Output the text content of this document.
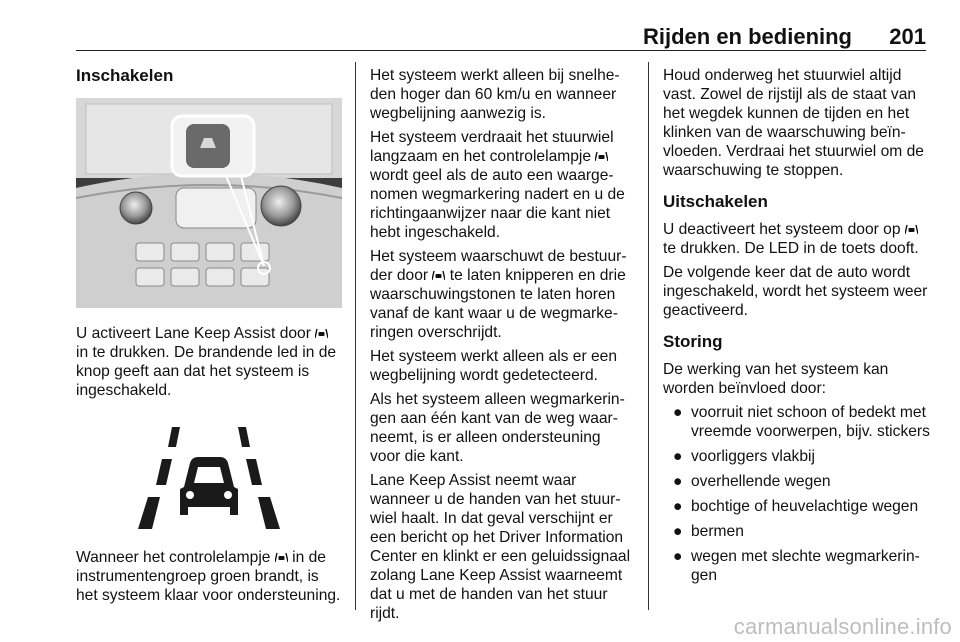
Rijden en bediening 201
Inschakelen

U activeert Lane Keep Assist door  in te drukken. De brandende led in de knop geeft aan dat het systeem is ingeschakeld.

Wanneer het controlelampje  in de instrumentengroep groen brandt, is het systeem klaar voor ondersteuning.

Het systeem werkt alleen bij snelheden hoger dan 60 km/u en wanneer wegbelijning aanwezig is.

Het systeem verdraait het stuurwiel langzaam en het controlelampje  wordt geel als de auto een waargenomen wegmarkering nadert en u de richtingaanwijzer naar die kant niet hebt ingeschakeld.

Het systeem waarschuwt de bestuurder door  te laten knipperen en drie waarschuwingstonen te laten horen vanaf de kant waar u de wegmarkeringen overschrijdt.

Het systeem werkt alleen als er een wegbelijning wordt gedetecteerd.

Als het systeem alleen wegmarkeringen aan één kant van de weg waarneemt, is er alleen ondersteuning voor die kant.

Lane Keep Assist neemt waar wanneer u de handen van het stuurwiel haalt. In dat geval verschijnt er een bericht op het Driver Information Center en klinkt er een geluidssignaal zolang Lane Keep Assist waarneemt dat u met de handen van het stuur rijdt.

Houd onderweg het stuurwiel altijd vast. Zowel de rijstijl als de staat van het wegdek kunnen de tijden en het klinken van de waarschuwing beïnvloeden. Verdraai het stuurwiel om de waarschuwing te stoppen.

Uitschakelen

U deactiveert het systeem door op  te drukken. De LED in de toets dooft.

De volgende keer dat de auto wordt ingeschakeld, wordt het systeem weer geactiveerd.

Storing

De werking van het systeem kan worden beïnvloed door:

● voorruit niet schoon of bedekt met vreemde voorwerpen, bijv. stickers
● voorliggers vlakbij
● overhellende wegen
● bochtige of heuvelachtige wegen
● bermen
● wegen met slechte wegmarkeringen
carmanualsonline.info
